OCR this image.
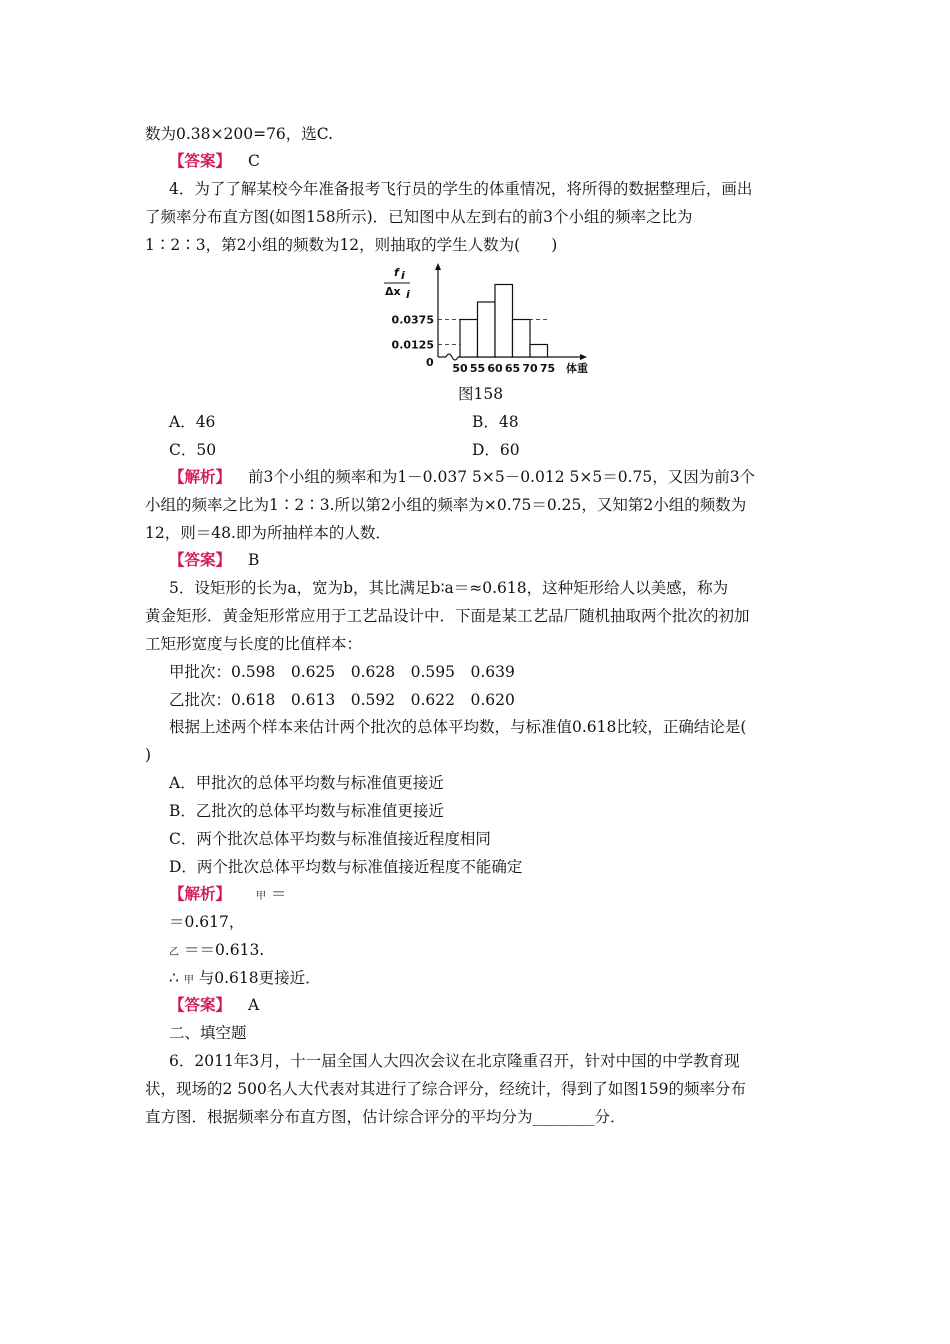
数为0.38×200=76，选C.
【答案】 C
4．为了了解某校今年准备报考飞行员的学生的体重情况，将所得的数据整理后，画出
了频率分布直方图(如图158所示)．已知图中从左到右的前3个小组的频率之比为
1∶2∶3，第2小组的频数为12，则抽取的学生人数为(　　)
f i
Δx i
0.0375
0.0125
50 55 60 65 70 75
0	体重
图158
A．46	B．48
C．50	D．60
【解析】 前3个小组的频率和为1－0.037 5×5－0.012 5×5＝0.75，又因为前3个
小组的频率之比为1∶2∶3.所以第2小组的频率为×0.75＝0.25，又知第2小组的频数为
12，则＝48.即为所抽样本的人数．
【答案】 B
5．设矩形的长为a，宽为b，其比满足b∶a＝≈0.618，这种矩形给人以美感，称为
黄金矩形．黄金矩形常应用于工艺品设计中．下面是某工艺品厂随机抽取两个批次的初加
工矩形宽度与长度的比值样本：
甲批次：0.598　0.625　0.628　0.595　0.639
乙批次：0.618　0.613　0.592　0.622　0.620
根据上述两个样本来估计两个批次的总体平均数，与标准值0.618比较，正确结论是(
)
A．甲批次的总体平均数与标准值更接近
B．乙批次的总体平均数与标准值更接近
C．两个批次总体平均数与标准值接近程度相同
D．两个批次总体平均数与标准值接近程度不能确定
【解析】 甲 ＝
＝0.617，
乙 ＝＝0.613.
∴ 甲 与0.618更接近．
【答案】 A
二、填空题
6．2011年3月，十一届全国人大四次会议在北京隆重召开，针对中国的中学教育现
状，现场的2 500名人大代表对其进行了综合评分，经统计，得到了如图159的频率分布
直方图．根据频率分布直方图，估计综合评分的平均分为________分．
